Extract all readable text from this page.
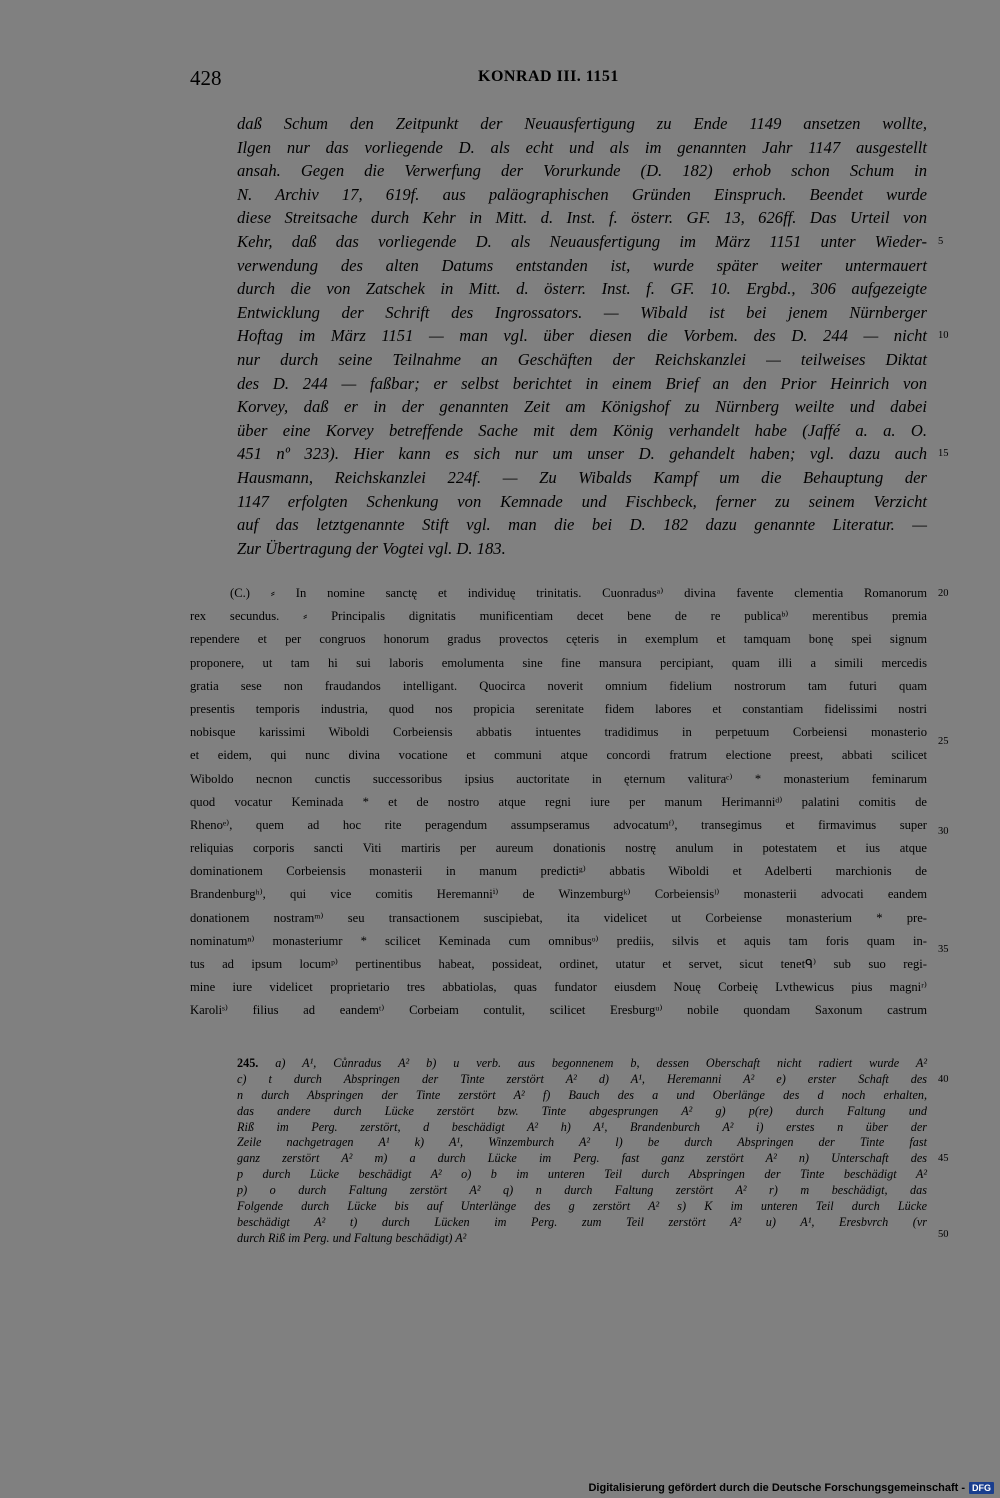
428	KONRAD III. 1151
daß Schum den Zeitpunkt der Neuausfertigung zu Ende 1149 ansetzen wollte,
Ilgen nur das vorliegende D. als echt und als im genannten Jahr 1147 ausgestellt
ansah. Gegen die Verwerfung der Vorurkunde (D. 182) erhob schon Schum in
N. Archiv 17, 619f. aus paläographischen Gründen Einspruch. Beendet wurde
diese Streitsache durch Kehr in Mitt. d. Inst. f. österr. GF. 13, 626ff. Das Urteil von
Kehr, daß das vorliegende D. als Neuausfertigung im März 1151 unter Wieder-
verwendung des alten Datums entstanden ist, wurde später weiter untermauert
durch die von Zatschek in Mitt. d. österr. Inst. f. GF. 10. Ergbd., 306 aufgezeigte
Entwicklung der Schrift des Ingrossators. — Wibald ist bei jenem Nürnberger
Hoftag im März 1151 — man vgl. über diesen die Vorbem. des D. 244 — nicht
nur durch seine Teilnahme an Geschäften der Reichskanzlei — teilweises Diktat
des D. 244 — faßbar; er selbst berichtet in einem Brief an den Prior Heinrich von
Korvey, daß er in der genannten Zeit am Königshof zu Nürnberg weilte und dabei
über eine Korvey betreffende Sache mit dem König verhandelt habe (Jaffé a. a. O.
451 nº 323). Hier kann es sich nur um unser D. gehandelt haben; vgl. dazu auch
Hausmann, Reichskanzlei 224f. — Zu Wibalds Kampf um die Behauptung der
1147 erfolgten Schenkung von Kemnade und Fischbeck, ferner zu seinem Verzicht
auf das letztgenannte Stift vgl. man die bei D. 182 dazu genannte Literatur. —
Zur Übertragung der Vogtei vgl. D. 183.
(C.) ⸗ In nomine sanctę et individuę trinitatis. Cuonradusᵃ⁾ divina favente clementia Romanorum
rex secundus. ⸗ Principalis dignitatis munificentiam decet bene de re publicaᵇ⁾ merentibus premia
rependere et per congruos honorum gradus provectos cęteris in exemplum et tamquam bonę spei signum
proponere, ut tam hi sui laboris emolumenta sine fine mansura percipiant, quam illi a simili mercedis
gratia sese non fraudandos intelligant. Quocirca noverit omnium fidelium nostrorum tam futuri quam
presentis temporis industria, quod nos propicia serenitate fidem labores et constantiam fidelissimi nostri
nobisque karissimi Wiboldi Corbeiensis abbatis intuentes tradidimus in perpetuum Corbeiensi monasterio
et eidem, qui nunc divina vocatione et communi atque concordi fratrum electione preest, abbati scilicet
Wiboldo necnon cunctis successoribus ipsius auctoritate in ęternum valituraᶜ⁾ * monasterium feminarum
quod vocatur Keminada * et de nostro atque regni iure per manum Herimanniᵈ⁾ palatini comitis de
Rhenoᵉ⁾, quem ad hoc rite peragendum assumpseramus advocatumᶠ⁾, transegimus et firmavimus super
reliquias corporis sancti Viti martiris per aureum donationis nostrę anulum in potestatem et ius atque
dominationem Corbeiensis monasterii in manum predictiᵍ⁾ abbatis Wiboldi et Adelberti marchionis de
Brandenburgʰ⁾, qui vice comitis Heremanniⁱ⁾ de Winzemburgᵏ⁾ Corbeiensisˡ⁾ monasterii advocati eandem
donationem nostramᵐ⁾ seu transactionem suscipiebat, ita videlicet ut Corbeiense monasterium * pre-
nominatumⁿ⁾ monasteriumr * scilicet Keminada cum omnibusᵒ⁾ prediis, silvis et aquis tam foris quam in-
tus ad ipsum locumᵖ⁾ pertinentibus habeat, possideat, ordinet, utatur et servet, sicut tenetᑫ⁾ sub suo regi-
mine iure videlicet proprietario tres abbatiolas, quas fundator eiusdem Nouę Corbeię Lvthewicus pius magniʳ⁾
Karoliˢ⁾ filius ad eandemᵗ⁾ Corbeiam contulit, scilicet Eresburgᵘ⁾ nobile quondam Saxonum castrum
245. a) A¹, Cůnradus A² b) u verb. aus begonnenem b, dessen Oberschaft nicht radiert wurde A²
c) t durch Abspringen der Tinte zerstört A² d) A¹, Heremanni A² e) erster Schaft des
n durch Abspringen der Tinte zerstört A² f) Bauch des a und Oberlänge des d noch erhalten,
das andere durch Lücke zerstört bzw. Tinte abgesprungen A² g) p(re) durch Faltung und
Riß im Perg. zerstört, d beschädigt A² h) A¹, Brandenburch A² i) erstes n über der
Zeile nachgetragen A¹ k) A¹, Winzemburch A² l) be durch Abspringen der Tinte fast
ganz zerstört A² m) a durch Lücke im Perg. fast ganz zerstört A² n) Unterschaft des
p durch Lücke beschädigt A² o) b im unteren Teil durch Abspringen der Tinte beschädigt A²
p) o durch Faltung zerstört A² q) n durch Faltung zerstört A² r) m beschädigt, das
Folgende durch Lücke bis auf Unterlänge des g zerstört A² s) K im unteren Teil durch Lücke
beschädigt A² t) durch Lücken im Perg. zum Teil zerstört A² u) A¹, Eresbvrch (vr
durch Riß im Perg. und Faltung beschädigt) A²
5
10
15
20
25
30
35
40
45
50
Digitalisierung gefördert durch die Deutsche Forschungsgemeinschaft - DFG
